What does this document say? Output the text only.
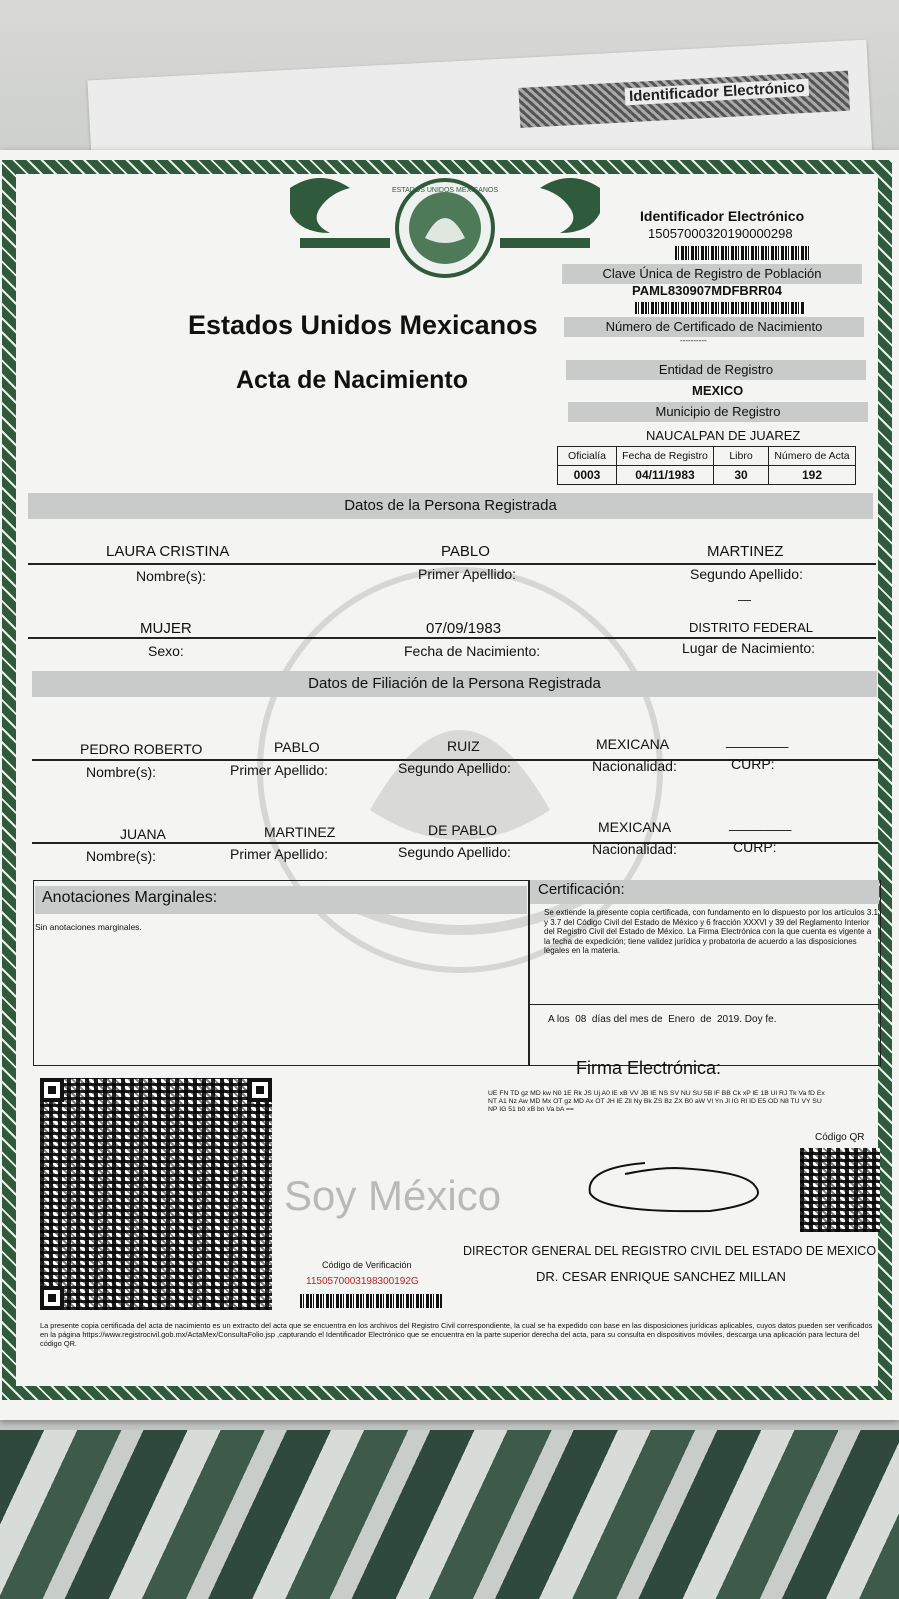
Identificador Electrónico
ESTADOS UNIDOS MEXICANOS
Identificador Electrónico
15057000320190000298
Clave Única de Registro de Población
PAML830907MDFBRR04
Número de Certificado de Nacimiento
----------
Entidad de Registro
MEXICO
Municipio de Registro
NAUCALPAN DE JUAREZ
Estados Unidos Mexicanos
Acta de Nacimiento
Oficialía	Fecha de Registro	Libro	Número de Acta
0003	04/11/1983	30	192
Datos de la Persona Registrada
LAURA CRISTINA	PABLO	MARTINEZ
Nombre(s):	Primer Apellido:	Segundo Apellido:
—
MUJER	07/09/1983	DISTRITO FEDERAL
Sexo:	Fecha de Nacimiento:	Lugar de Nacimiento:
Datos de Filiación de la Persona Registrada
PEDRO ROBERTO	PABLO	RUIZ	MEXICANA	________
Nombre(s):	Primer Apellido:	Segundo Apellido:	Nacionalidad:	CURP:
JUANA	MARTINEZ	DE PABLO	MEXICANA	________
Nombre(s):	Primer Apellido:	Segundo Apellido:	Nacionalidad:	CURP:
Anotaciones Marginales:
Sin anotaciones marginales.
Certificación:
Se extiende la presente copia certificada, con fundamento en lo dispuesto por los artículos 3.1 y 3.7 del Código Civil del Estado de México y 6 fracción XXXVI y 39 del Reglamento Interior del Registro Civil del Estado de México. La Firma Electrónica con la que cuenta es vigente a la fecha de expedición; tiene validez jurídica y probatoria de acuerdo a las disposiciones legales en la materia.
A los  08  días del mes de  Enero  de  2019. Doy fe.
Firma Electrónica:
UE FN TD gz MD kw N0 1E Rk JS Uj A0 lE xB VV JB IE NS SV NU SU 5B lF BB Ck xP lE 1B Ul RJ Tk Va fD Ex NT A1 Nz Aw MD Mx OT gz MD Ax OT JH lE Zll Ny Bk ZS Bz ZX B0 aW Vl Yn Jl IG Rl ID E5 OD N8 TU VY SU NP IG 51 b0 xB bn Va bA ==
Código QR
Soy México
Código de Verificación
1150570003198300192G
DIRECTOR GENERAL DEL REGISTRO CIVIL DEL ESTADO DE MEXICO
DR. CESAR ENRIQUE SANCHEZ MILLAN
La presente copia certificada del acta de nacimiento es un extracto del acta que se encuentra en los archivos del Registro Civil correspondiente, la cual se ha expedido con base en las disposiciones jurídicas aplicables, cuyos datos pueden ser verificados en la página https://www.registrocivil.gob.mx/ActaMex/ConsultaFolio.jsp ,capturando el Identificador Electrónico que se encuentra en la parte superior derecha del acta, para su consulta en dispositivos móviles, descarga una aplicación para lectura del código QR.
